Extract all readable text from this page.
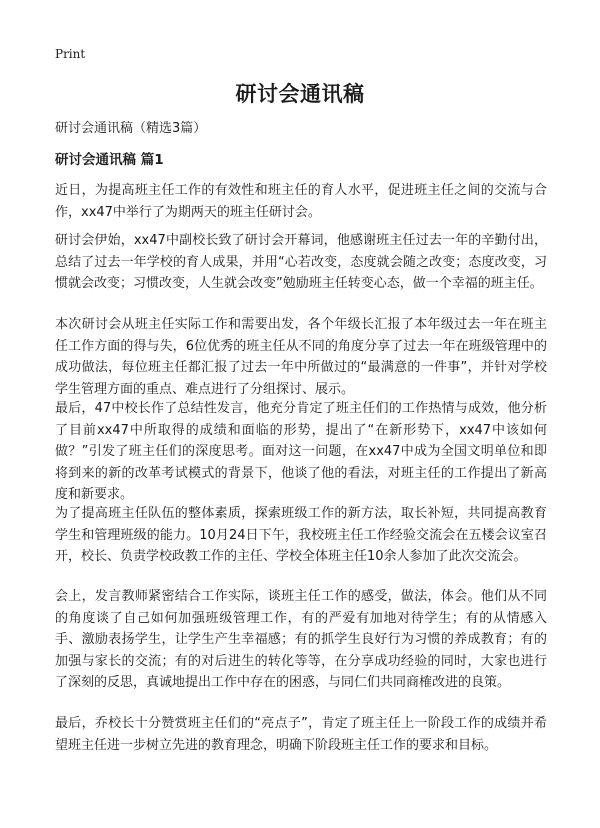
Print
研讨会通讯稿

研讨会通讯稿（精选3篇）

研讨会通讯稿 篇1

近日，为提高班主任工作的有效性和班主任的育人水平，促进班主任之间的交流与合作，xx47中举行了为期两天的班主任研讨会。

研讨会伊始，xx47中副校长致了研讨会开幕词，他感谢班主任过去一年的辛勤付出，总结了过去一年学校的育人成果，并用“心若改变，态度就会随之改变；态度改变，习惯就会改变；习惯改变，人生就会改变”勉励班主任转变心态，做一个幸福的班主任。

本次研讨会从班主任实际工作和需要出发，各个年级长汇报了本年级过去一年在班主任工作方面的得与失，6位优秀的班主任从不同的角度分享了过去一年在班级管理中的成功做法，每位班主任都汇报了过去一年中所做过的“最满意的一件事”，并针对学校学生管理方面的重点、难点进行了分组探讨、展示。

最后，47中校长作了总结性发言，他充分肯定了班主任们的工作热情与成效，他分析了目前xx47中所取得的成绩和面临的形势，提出了“在新形势下，xx47中该如何做？”引发了班主任们的深度思考。面对这一问题，在xx47中成为全国文明单位和即将到来的新的改革考试模式的背景下，他谈了他的看法，对班主任的工作提出了新高度和新要求。

为了提高班主任队伍的整体素质，探索班级工作的新方法，取长补短，共同提高教育学生和管理班级的能力。10月24日下午，我校班主任工作经验交流会在五楼会议室召开，校长、负责学校政教工作的主任、学校全体班主任10余人参加了此次交流会。

会上，发言教师紧密结合工作实际，谈班主任工作的感受，做法，体会。他们从不同的角度谈了自己如何加强班级管理工作，有的严爱有加地对待学生；有的从情感入手、激励表扬学生，让学生产生幸福感；有的抓学生良好行为习惯的养成教育；有的加强与家长的交流；有的对后进生的转化等等，在分享成功经验的同时，大家也进行了深刻的反思，真诚地提出工作中存在的困惑，与同仁们共同商榷改进的良策。

最后，乔校长十分赞赏班主任们的“亮点子”，肯定了班主任上一阶段工作的成绩并希望班主任进一步树立先进的教育理念，明确下阶段班主任工作的要求和目标。
